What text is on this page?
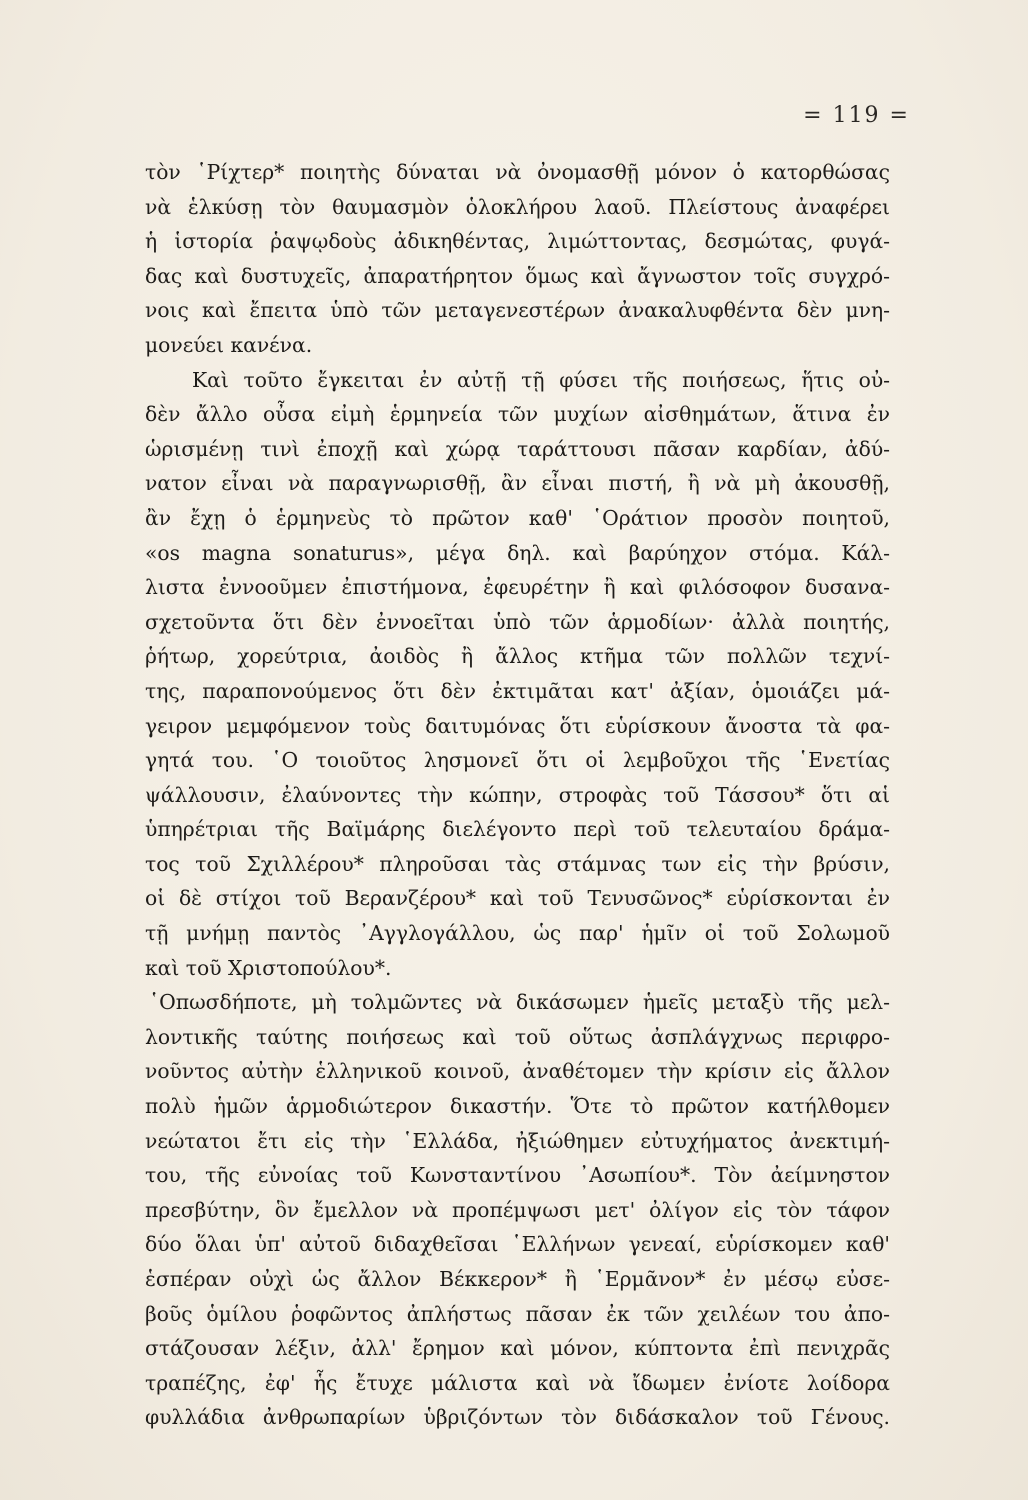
= 119 =
τὸν ῾Ρίχτερ* ποιητὴς δύναται νὰ ὀνομασθῇ μόνον ὁ κατορθώσας
νὰ ἑλκύσῃ τὸν θαυμασμὸν ὁλοκλήρου λαοῦ. Πλείστους ἀναφέρει
ἡ ἱστορία ῥαψῳδοὺς ἀδικηθέντας, λιμώττοντας, δεσμώτας, φυγά-
δας καὶ δυστυχεῖς, ἀπαρατήρητον ὅμως καὶ ἄγνωστον τοῖς συγχρό-
νοις καὶ ἔπειτα ὑπὸ τῶν μεταγενεστέρων ἀνακαλυφθέντα δὲν μνη-
μονεύει κανένα.
Καὶ τοῦτο ἔγκειται ἐν αὐτῇ τῇ φύσει τῆς ποιήσεως, ἥτις οὐ-
δὲν ἄλλο οὖσα εἰμὴ ἑρμηνεία τῶν μυχίων αἰσθημάτων, ἅτινα ἐν
ὡρισμένῃ τινὶ ἐποχῇ καὶ χώρᾳ ταράττουσι πᾶσαν καρδίαν, ἀδύ-
νατον εἶναι νὰ παραγνωρισθῇ, ἂν εἶναι πιστή, ἢ νὰ μὴ ἀκουσθῇ,
ἂν ἔχῃ ὁ ἑρμηνεὺς τὸ πρῶτον καθ' ῾Οράτιον προσὸν ποιητοῦ,
«os magna sonaturus», μέγα δηλ. καὶ βαρύηχον στόμα. Κάλ-
λιστα ἐννοοῦμεν ἐπιστήμονα, ἐφευρέτην ἢ καὶ φιλόσοφον δυσανα-
σχετοῦντα ὅτι δὲν ἐννοεῖται ὑπὸ τῶν ἁρμοδίων· ἀλλὰ ποιητής,
ῥήτωρ, χορεύτρια, ἀοιδὸς ἢ ἄλλος κτῆμα τῶν πολλῶν τεχνί-
της, παραπονούμενος ὅτι δὲν ἐκτιμᾶται κατ' ἀξίαν, ὁμοιάζει μά-
γειρον μεμφόμενον τοὺς δαιτυμόνας ὅτι εὑρίσκουν ἄνοστα τὰ φα-
γητά του. ῾Ο τοιοῦτος λησμονεῖ ὅτι οἱ λεμβοῦχοι τῆς ῾Ενετίας
ψάλλουσιν, ἐλαύνοντες τὴν κώπην, στροφὰς τοῦ Τάσσου* ὅτι αἱ
ὑπηρέτριαι τῆς Βαϊμάρης διελέγοντο περὶ τοῦ τελευταίου δράμα-
τος τοῦ Σχιλλέρου* πληροῦσαι τὰς στάμνας των εἰς τὴν βρύσιν,
οἱ δὲ στίχοι τοῦ Βερανζέρου* καὶ τοῦ Τενυσῶνος* εὑρίσκονται ἐν
τῇ μνήμῃ παντὸς ᾿Αγγλογάλλου, ὡς παρ' ἡμῖν οἱ τοῦ Σολωμοῦ
καὶ τοῦ Χριστοπούλου*.
῾Οπωσδήποτε, μὴ τολμῶντες νὰ δικάσωμεν ἡμεῖς μεταξὺ τῆς μελ-
λοντικῆς ταύτης ποιήσεως καὶ τοῦ οὕτως ἀσπλάγχνως περιφρο-
νοῦντος αὐτὴν ἑλληνικοῦ κοινοῦ, ἀναθέτομεν τὴν κρίσιν εἰς ἄλλον
πολὺ ἡμῶν ἁρμοδιώτερον δικαστήν. Ὅτε τὸ πρῶτον κατήλθομεν
νεώτατοι ἔτι εἰς τὴν ῾Ελλάδα, ἠξιώθημεν εὐτυχήματος ἀνεκτιμή-
του, τῆς εὐνοίας τοῦ Κωνσταντίνου ᾿Ασωπίου*. Τὸν ἀείμνηστον
πρεσβύτην, ὃν ἔμελλον νὰ προπέμψωσι μετ' ὀλίγον εἰς τὸν τάφον
δύο ὅλαι ὑπ' αὐτοῦ διδαχθεῖσαι ῾Ελλήνων γενεαί, εὑρίσκομεν καθ'
ἑσπέραν οὐχὶ ὡς ἄλλον Βέκκερον* ἢ ῾Ερμᾶνον* ἐν μέσῳ εὐσε-
βοῦς ὁμίλου ῥοφῶντος ἀπλήστως πᾶσαν ἐκ τῶν χειλέων του ἀπο-
στάζουσαν λέξιν, ἀλλ' ἔρημον καὶ μόνον, κύπτοντα ἐπὶ πενιχρᾶς
τραπέζης, ἐφ' ἧς ἔτυχε μάλιστα καὶ νὰ ἴδωμεν ἐνίοτε λοίδορα
φυλλάδια ἀνθρωπαρίων ὑβριζόντων τὸν διδάσκαλον τοῦ Γένους.
